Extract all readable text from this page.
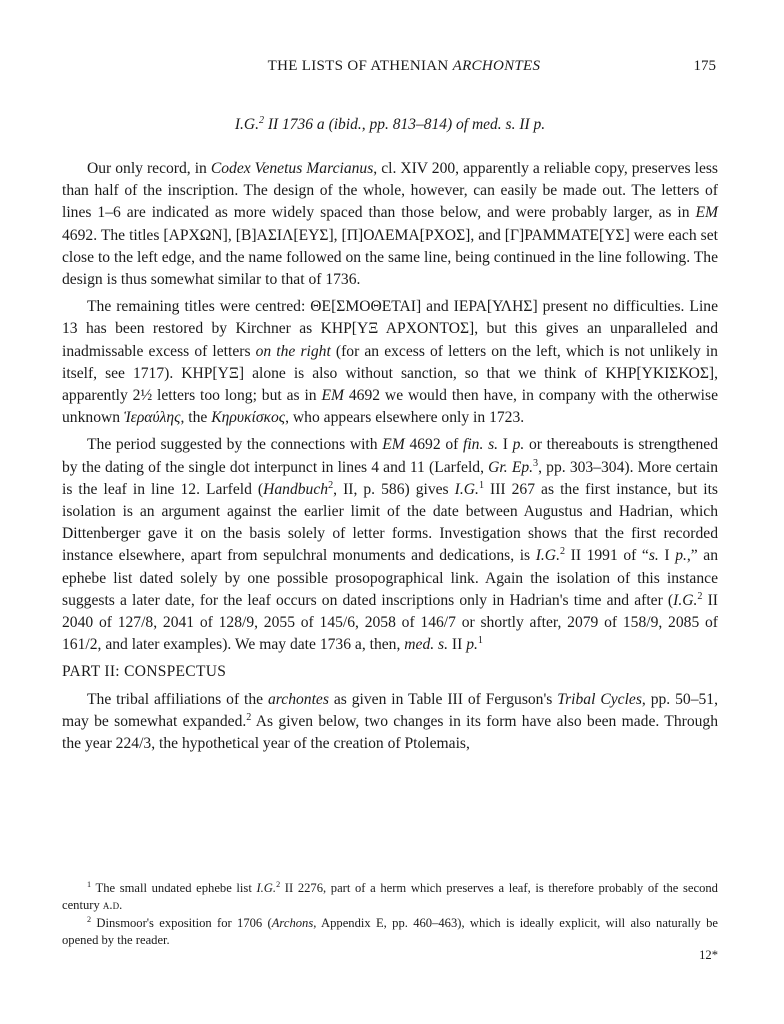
THE LISTS OF ATHENIAN ARCHONTES	175
I.G.$^2$ II 1736 a (ibid., pp. 813–814) of med. s. II p.

Our only record, in Codex Venetus Marcianus, cl. XIV 200, apparently a reliable copy, preserves less than half of the inscription. The design of the whole, however, can easily be made out. The letters of lines 1–6 are indicated as more widely spaced than those below, and were probably larger, as in EM 4692. The titles [ΑΡΧΩΝ], [Β]ΑΣΙΛ[ΕΥΣ], [Π]ΟΛΕΜΑ[ΡΧΟΣ], and [Γ]ΡΑΜΜΑΤΕ[ΥΣ] were each set close to the left edge, and the name followed on the same line, being continued in the line following. The design is thus somewhat similar to that of 1736.

The remaining titles were centred: ΘΕ[ΣΜΟΘΕΤΑΙ] and ΙΕΡΑ[ΥΛΗΣ] present no difficulties. Line 13 has been restored by Kirchner as ΚΗΡ[ΥΞ ΑΡΧΟΝΤΟΣ], but this gives an unparalleled and inadmissable excess of letters on the right (for an excess of letters on the left, which is not unlikely in itself, see 1717). ΚΗΡ[ΥΞ] alone is also without sanction, so that we think of ΚΗΡ[ΥΚΙΣΚΟΣ], apparently 2½ letters too long; but as in EM 4692 we would then have, in company with the otherwise unknown Ἱεραύλης, the Κηρυκίσκος, who appears elsewhere only in 1723.

The period suggested by the connections with EM 4692 of fin. s. I p. or thereabouts is strengthened by the dating of the single dot interpunct in lines 4 and 11 (Larfeld, Gr. Ep.$^3$, pp. 303–304). More certain is the leaf in line 12. Larfeld (Handbuch$^2$, II, p. 586) gives I.G.$^1$ III 267 as the first instance, but its isolation is an argument against the earlier limit of the date between Augustus and Hadrian, which Dittenberger gave it on the basis solely of letter forms. Investigation shows that the first recorded instance elsewhere, apart from sepulchral monuments and dedications, is I.G.$^2$ II 1991 of “s. I p.,” an ephebe list dated solely by one possible prosopographical link. Again the isolation of this instance suggests a later date, for the leaf occurs on dated inscriptions only in Hadrian's time and after (I.G.$^2$ II 2040 of 127/8, 2041 of 128/9, 2055 of 145/6, 2058 of 146/7 or shortly after, 2079 of 158/9, 2085 of 161/2, and later examples). We may date 1736 a, then, med. s. II p.$^1$

PART II: CONSPECTUS

The tribal affiliations of the archontes as given in Table III of Ferguson's Tribal Cycles, pp. 50–51, may be somewhat expanded.$^2$ As given below, two changes in its form have also been made. Through the year 224/3, the hypothetical year of the creation of Ptolemais,

$^1$ The small undated ephebe list I.G.$^2$ II 2276, part of a herm which preserves a leaf, is therefore probably of the second century a.d.

$^2$ Dinsmoor's exposition for 1706 (Archons, Appendix E, pp. 460–463), which is ideally explicit, will also naturally be opened by the reader.

12*
